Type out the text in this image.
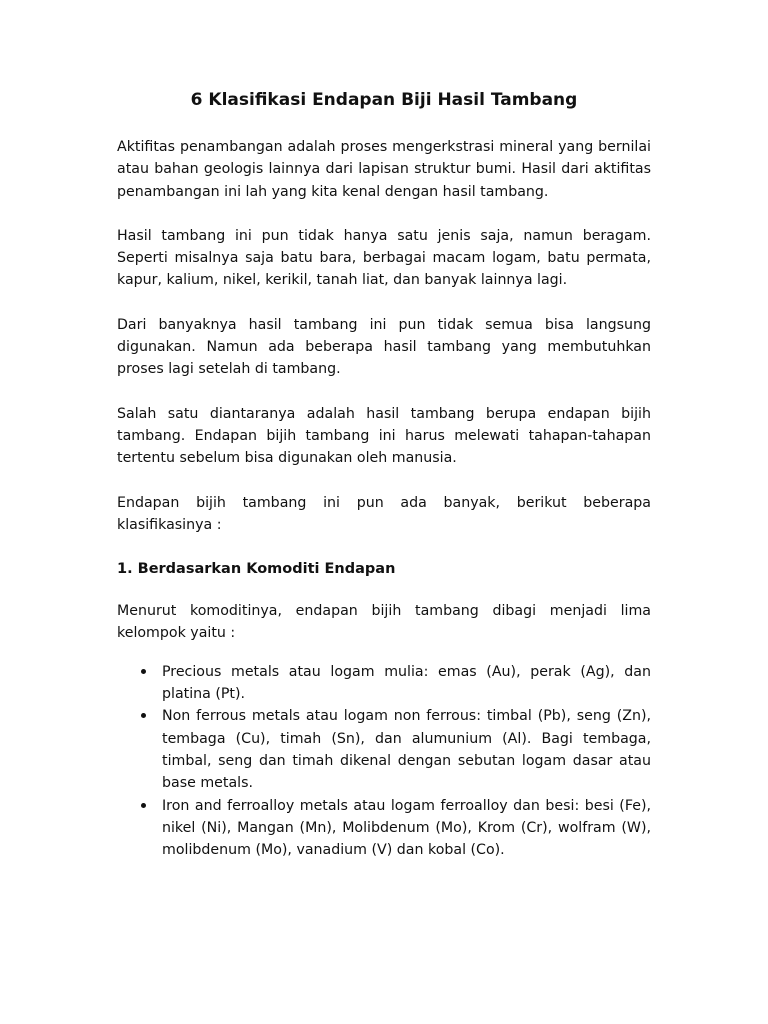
6 Klasifikasi Endapan Biji Hasil Tambang

Aktifitas penambangan adalah proses mengerkstrasi mineral yang bernilai atau bahan geologis lainnya dari lapisan struktur bumi. Hasil dari aktifitas penambangan ini lah yang kita kenal dengan hasil tambang.

Hasil tambang ini pun tidak hanya satu jenis saja, namun beragam. Seperti misalnya saja batu bara, berbagai macam logam, batu permata, kapur, kalium, nikel, kerikil, tanah liat, dan banyak lainnya lagi.

Dari banyaknya hasil tambang ini pun tidak semua bisa langsung digunakan. Namun ada beberapa hasil tambang yang membutuhkan proses lagi setelah di tambang.

Salah satu diantaranya adalah hasil tambang berupa endapan bijih tambang. Endapan bijih tambang ini harus melewati tahapan-tahapan tertentu sebelum bisa digunakan oleh manusia.

Endapan bijih tambang ini pun ada banyak, berikut beberapa klasifikasinya :

1. Berdasarkan Komoditi Endapan

Menurut komoditinya, endapan bijih tambang dibagi menjadi lima kelompok yaitu :

Precious metals atau logam mulia: emas (Au), perak (Ag), dan platina (Pt).
Non ferrous metals atau logam non ferrous: timbal (Pb), seng (Zn), tembaga (Cu), timah (Sn), dan alumunium (Al). Bagi tembaga, timbal, seng dan timah dikenal dengan sebutan logam dasar atau base metals.
Iron and ferroalloy metals atau logam ferroalloy dan besi: besi (Fe), nikel (Ni), Mangan (Mn), Molibdenum (Mo), Krom (Cr), wolfram (W), molibdenum (Mo), vanadium (V) dan kobal (Co).
